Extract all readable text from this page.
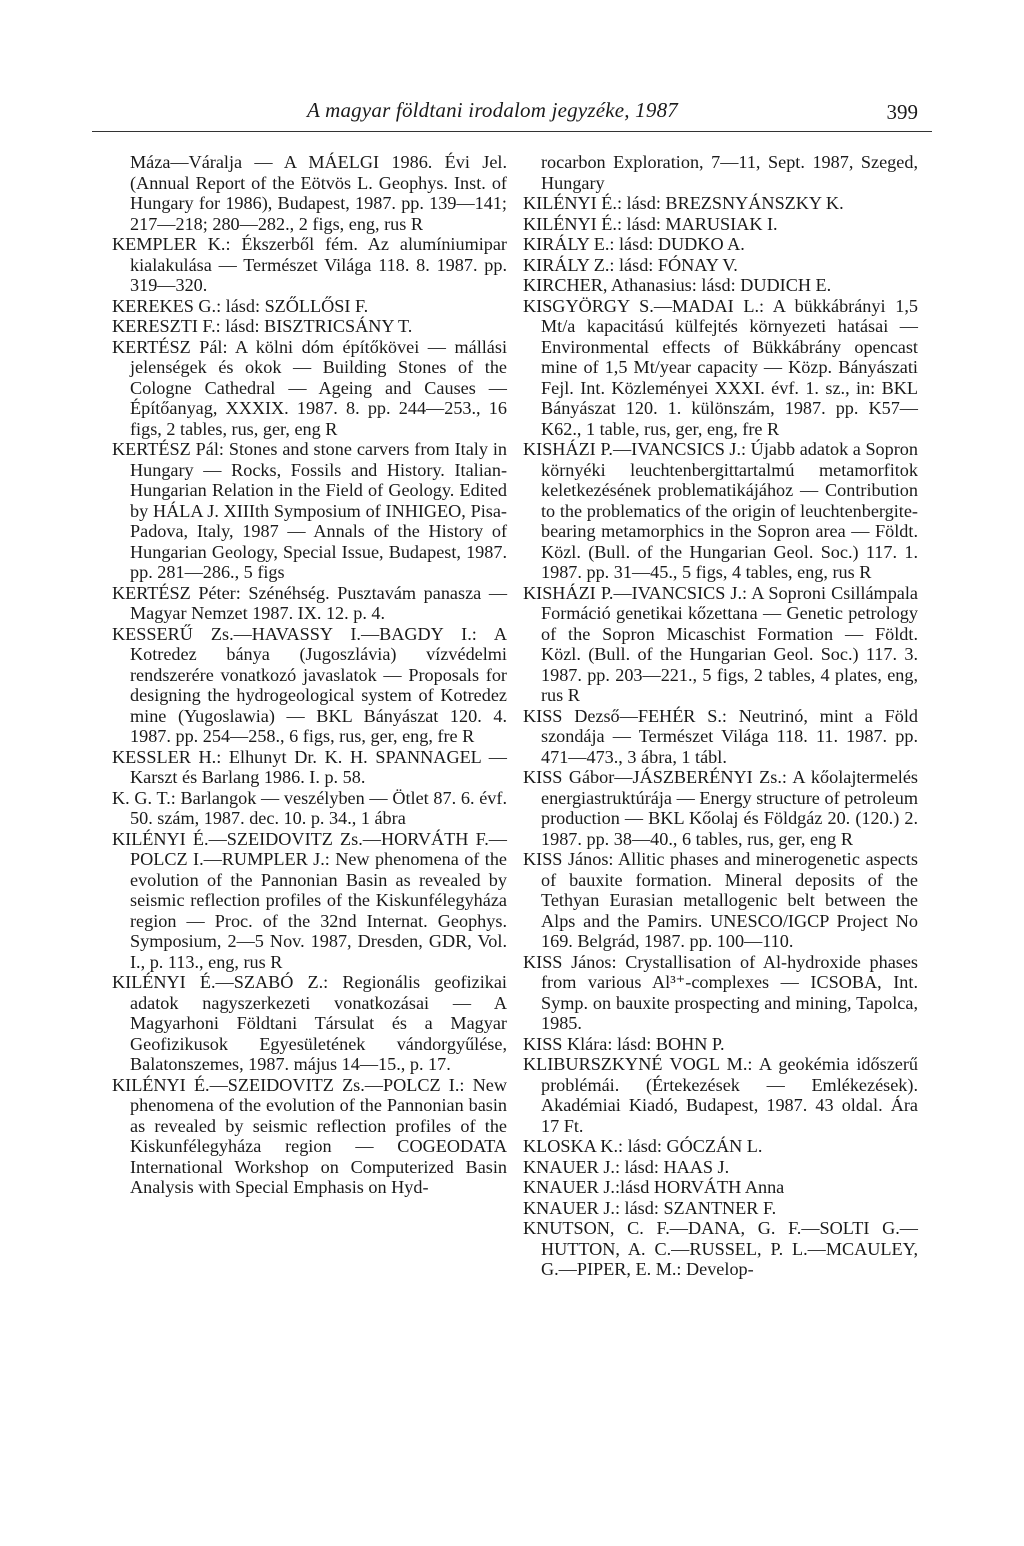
A magyar földtani irodalom jegyzéke, 1987	399

Máza—Váralja — A MÁELGI 1986. Évi Jel. (Annual Report of the Eötvös L. Geophys. Inst. of Hungary for 1986), Budapest, 1987. pp. 139—141; 217—218; 280—282., 2 figs, eng, rus R

KEMPLER K.: Ékszerből fém. Az alumíniumipar kialakulása — Természet Világa 118. 8. 1987. pp. 319—320.

KEREKES G.: lásd: SZŐLLŐSI F.

KERESZTI F.: lásd: BISZTRICSÁNY T.

KERTÉSZ Pál: A kölni dóm építőkövei — mállási jelenségek és okok — Building Stones of the Cologne Cathedral — Ageing and Causes — Építőanyag, XXXIX. 1987. 8. pp. 244—253., 16 figs, 2 tables, rus, ger, eng R

KERTÉSZ Pál: Stones and stone carvers from Italy in Hungary — Rocks, Fossils and History. Italian-Hungarian Relation in the Field of Geology. Edited by HÁLA J. XIIIth Symposium of INHIGEO, Pisa-Padova, Italy, 1987 — Annals of the History of Hungarian Geology, Special Issue, Budapest, 1987. pp. 281—286., 5 figs

KERTÉSZ Péter: Szénéhség. Pusztavám panasza — Magyar Nemzet 1987. IX. 12. p. 4.

KESSERŰ Zs.—HAVASSY I.—BAGDY I.: A Kotredez bánya (Jugoszlávia) vízvédelmi rendszerére vonatkozó javaslatok — Proposals for designing the hydrogeological system of Kotredez mine (Yugoslawia) — BKL Bányászat 120. 4. 1987. pp. 254—258., 6 figs, rus, ger, eng, fre R

KESSLER H.: Elhunyt Dr. K. H. SPANNAGEL — Karszt és Barlang 1986. I. p. 58.

K. G. T.: Barlangok — veszélyben — Ötlet 87. 6. évf. 50. szám, 1987. dec. 10. p. 34., 1 ábra

KILÉNYI É.—SZEIDOVITZ Zs.—HORVÁTH F.—POLCZ I.—RUMPLER J.: New phenomena of the evolution of the Pannonian Basin as revealed by seismic reflection profiles of the Kiskunfélegyháza region — Proc. of the 32nd Internat. Geophys. Symposium, 2—5 Nov. 1987, Dresden, GDR, Vol. I., p. 113., eng, rus R

KILÉNYI É.—SZABÓ Z.: Regionális geofizikai adatok nagyszerkezeti vonatkozásai — A Magyarhoni Földtani Társulat és a Magyar Geofizikusok Egyesületének vándorgyűlése, Balatonszemes, 1987. május 14—15., p. 17.

KILÉNYI É.—SZEIDOVITZ Zs.—POLCZ I.: New phenomena of the evolution of the Pannonian basin as revealed by seismic reflection profiles of the Kiskunfélegyháza region — COGEODATA International Workshop on Computerized Basin Analysis with Special Emphasis on Hyd-

rocarbon Exploration, 7—11, Sept. 1987, Szeged, Hungary

KILÉNYI É.: lásd: BREZSNYÁNSZKY K.

KILÉNYI É.: lásd: MARUSIAK I.

KIRÁLY E.: lásd: DUDKO A.

KIRÁLY Z.: lásd: FÓNAY V.

KIRCHER, Athanasius: lásd: DUDICH E.

KISGYÖRGY S.—MADAI L.: A bükkábrányi 1,5 Mt/a kapacitású külfejtés környezeti hatásai — Environmental effects of Bükkábrány opencast mine of 1,5 Mt/year capacity — Közp. Bányászati Fejl. Int. Közleményei XXXI. évf. 1. sz., in: BKL Bányászat 120. 1. különszám, 1987. pp. K57—K62., 1 table, rus, ger, eng, fre R

KISHÁZI P.—IVANCSICS J.: Újabb adatok a Sopron környéki leuchtenbergittartalmú metamorfitok keletkezésének problematikájához — Contribution to the problematics of the origin of leuchtenbergite-bearing metamorphics in the Sopron area — Földt. Közl. (Bull. of the Hungarian Geol. Soc.) 117. 1. 1987. pp. 31—45., 5 figs, 4 tables, eng, rus R

KISHÁZI P.—IVANCSICS J.: A Soproni Csillámpala Formáció genetikai kőzettana — Genetic petrology of the Sopron Micaschist Formation — Földt. Közl. (Bull. of the Hungarian Geol. Soc.) 117. 3. 1987. pp. 203—221., 5 figs, 2 tables, 4 plates, eng, rus R

KISS Dezső—FEHÉR S.: Neutrinó, mint a Föld szondája — Természet Világa 118. 11. 1987. pp. 471—473., 3 ábra, 1 tábl.

KISS Gábor—JÁSZBERÉNYI Zs.: A kőolajtermelés energiastruktúrája — Energy structure of petroleum production — BKL Kőolaj és Földgáz 20. (120.) 2. 1987. pp. 38—40., 6 tables, rus, ger, eng R

KISS János: Allitic phases and minerogenetic aspects of bauxite formation. Mineral deposits of the Tethyan Eurasian metallogenic belt between the Alps and the Pamirs. UNESCO/IGCP Project No 169. Belgrád, 1987. pp. 100—110.

KISS János: Crystallisation of Al-hydroxide phases from various Al³⁺-complexes — ICSOBA, Int. Symp. on bauxite prospecting and mining, Tapolca, 1985.

KISS Klára: lásd: BOHN P.

KLIBURSZKYNÉ VOGL M.: A geokémia időszerű problémái. (Értekezések — Emlékezések). Akadémiai Kiadó, Budapest, 1987. 43 oldal. Ára 17 Ft.

KLOSKA K.: lásd: GÓCZÁN L.

KNAUER J.: lásd: HAAS J.

KNAUER J.:lásd HORVÁTH Anna

KNAUER J.: lásd: SZANTNER F.

KNUTSON, C. F.—DANA, G. F.—SOLTI G.—HUTTON, A. C.—RUSSEL, P. L.—MCAULEY, G.—PIPER, E. M.: Develop-
